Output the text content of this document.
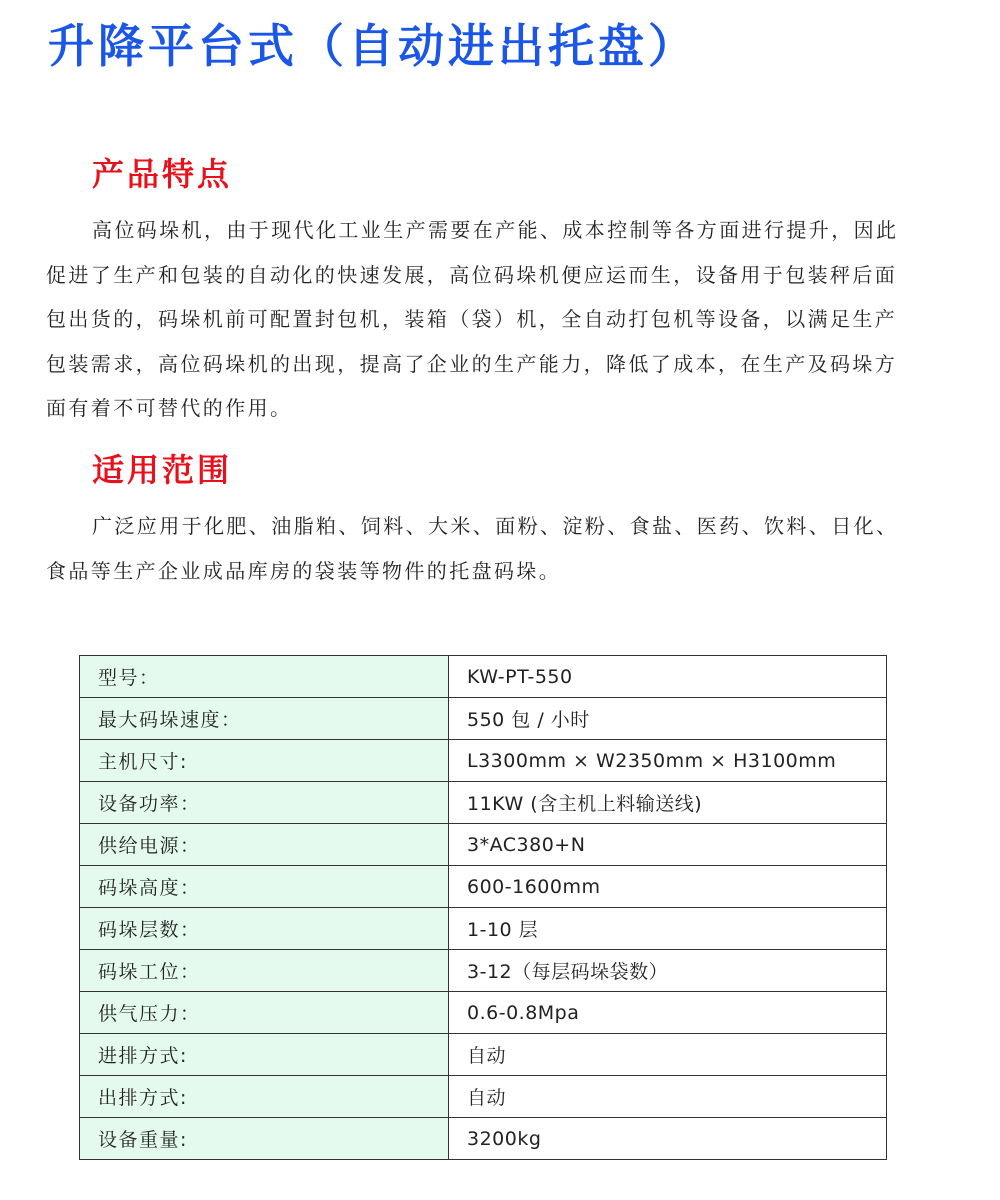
升降平台式（自动进出托盘）
产品特点
高位码垛机，由于现代化工业生产需要在产能、成本控制等各方面进行提升，因此
促进了生产和包装的自动化的快速发展，高位码垛机便应运而生，设备用于包装秤后面
包出货的，码垛机前可配置封包机，装箱（袋）机，全自动打包机等设备，以满足生产
包装需求，高位码垛机的出现，提高了企业的生产能力，降低了成本，在生产及码垛方
面有着不可替代的作用。
适用范围
广泛应用于化肥、油脂粕、饲料、大米、面粉、淀粉、食盐、医药、饮料、日化、
食品等生产企业成品库房的袋装等物件的托盘码垛。
型号：	KW-PT-550
最大码垛速度：	550 包 / 小时
主机尺寸:	L3300mm × W2350mm × H3100mm
设备功率：	11KW (含主机上料输送线)
供给电源：	3*AC380+N
码垛高度：	600-1600mm
码垛层数：	1-10 层
码垛工位：	3-12（每层码垛袋数）
供气压力：	0.6-0.8Mpa
进排方式:	自动
出排方式:	自动
设备重量:	3200kg
